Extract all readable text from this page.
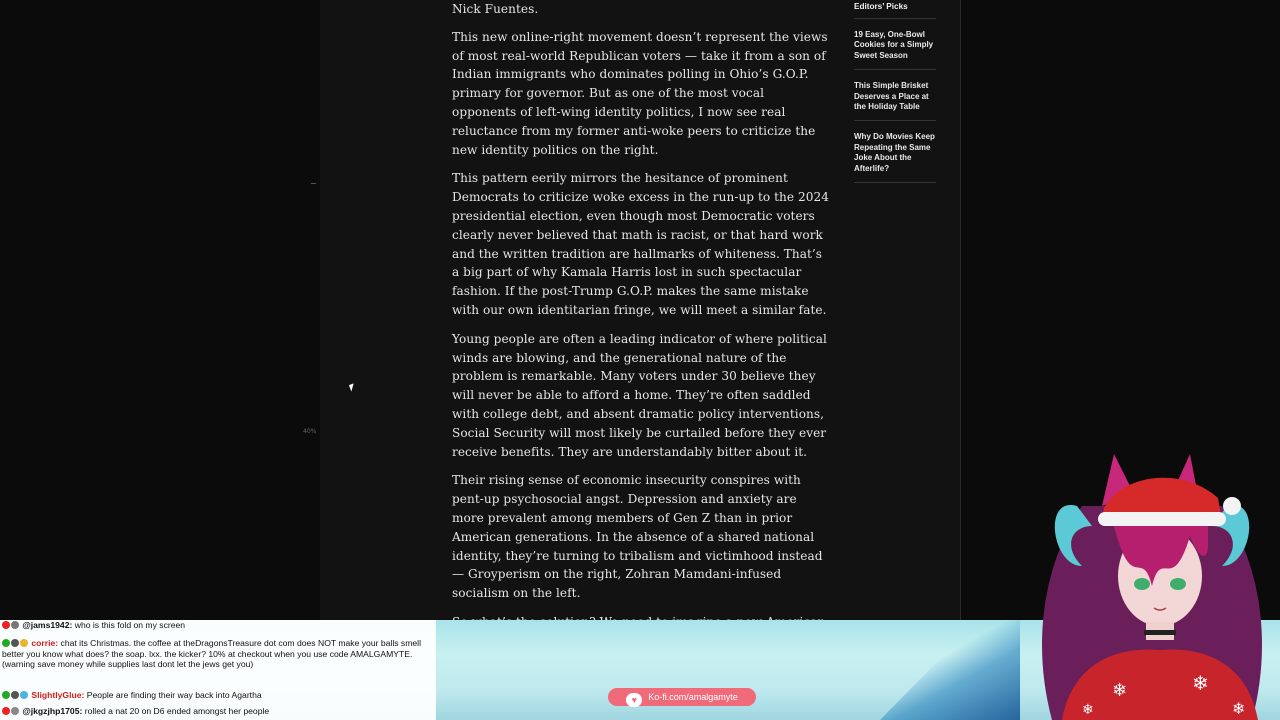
40%

Nick Fuentes.

This new online-right movement doesn’t represent the views of most real-world Republican voters — take it from a son of Indian immigrants who dominates polling in Ohio’s G.O.P. primary for governor. But as one of the most vocal opponents of left-wing identity politics, I now see real reluctance from my former anti-woke peers to criticize the new identity politics on the right.

This pattern eerily mirrors the hesitance of prominent Democrats to criticize woke excess in the run-up to the 2024 presidential election, even though most Democratic voters clearly never believed that math is racist, or that hard work and the written tradition are hallmarks of whiteness. That’s a big part of why Kamala Harris lost in such spectacular fashion. If the post-Trump G.O.P. makes the same mistake with our own identitarian fringe, we will meet a similar fate.

Young people are often a leading indicator of where political winds are blowing, and the generational nature of the problem is remarkable. Many voters under 30 believe they will never be able to afford a home. They’re often saddled with college debt, and absent dramatic policy interventions, Social Security will most likely be curtailed before they ever receive benefits. They are understandably bitter about it.

Their rising sense of economic insecurity conspires with pent-up psychosocial angst. Depression and anxiety are more prevalent among members of Gen Z than in prior American generations. In the absence of a shared national identity, they’re turning to tribalism and victimhood instead — Groyperism on the right, Zohran Mamdani-infused socialism on the left.

Editors’ Picks
19 Easy, One-Bowl Cookies for a Simply Sweet Season
This Simple Brisket Deserves a Place at the Holiday Table
Why Do Movies Keep Repeating the Same Joke About the Afterlife?
@jams1942: who is this fold on my screen
corrie: chat its Christmas. the coffee at theDragonsTreasure dot com does NOT make your balls smell better you know what does? the soap. lxx. the kicker? 10% at checkout when you use code AMALGAMYTE. (warning save money while supplies last dont let the jews get you)
SlightlyGlue: People are finding their way back into Agartha
@jkgzjhp1705: rolled a nat 20 on D6 ended amongst her people
♥ Ko-fi.com/amalgamyte	❄	❄
❄
❄
